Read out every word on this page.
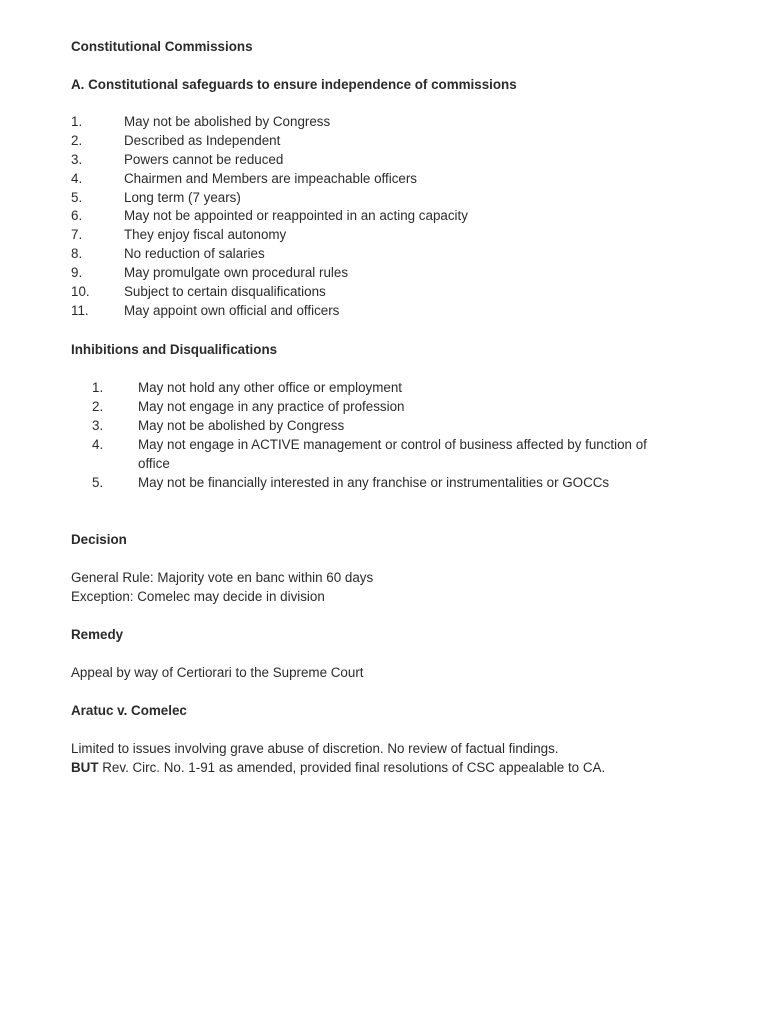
Constitutional Commissions
A. Constitutional safeguards to ensure independence of commissions
1.	May not be abolished by Congress
2.	Described as Independent
3.	Powers cannot be reduced
4.	Chairmen and Members are impeachable officers
5.	Long term (7 years)
6.	May not be appointed or reappointed in an acting capacity
7.	They enjoy fiscal autonomy
8.	No reduction of salaries
9.	May promulgate own procedural rules
10.	Subject to certain disqualifications
11.	May appoint own official and officers
Inhibitions and Disqualifications
1.	May not hold any other office or employment
2.	May not engage in any practice of profession
3.	May not be abolished by Congress
4.	May not engage in ACTIVE management or control of business affected by function of office
5.	May not be financially interested in any franchise or instrumentalities or GOCCs
Decision
General Rule: Majority vote en banc within 60 days
Exception: Comelec may decide in division
Remedy
Appeal by way of Certiorari to the Supreme Court
Aratuc v. Comelec
Limited to issues involving grave abuse of discretion. No review of factual findings.
BUT Rev. Circ. No. 1-91 as amended, provided final resolutions of CSC appealable to CA.
